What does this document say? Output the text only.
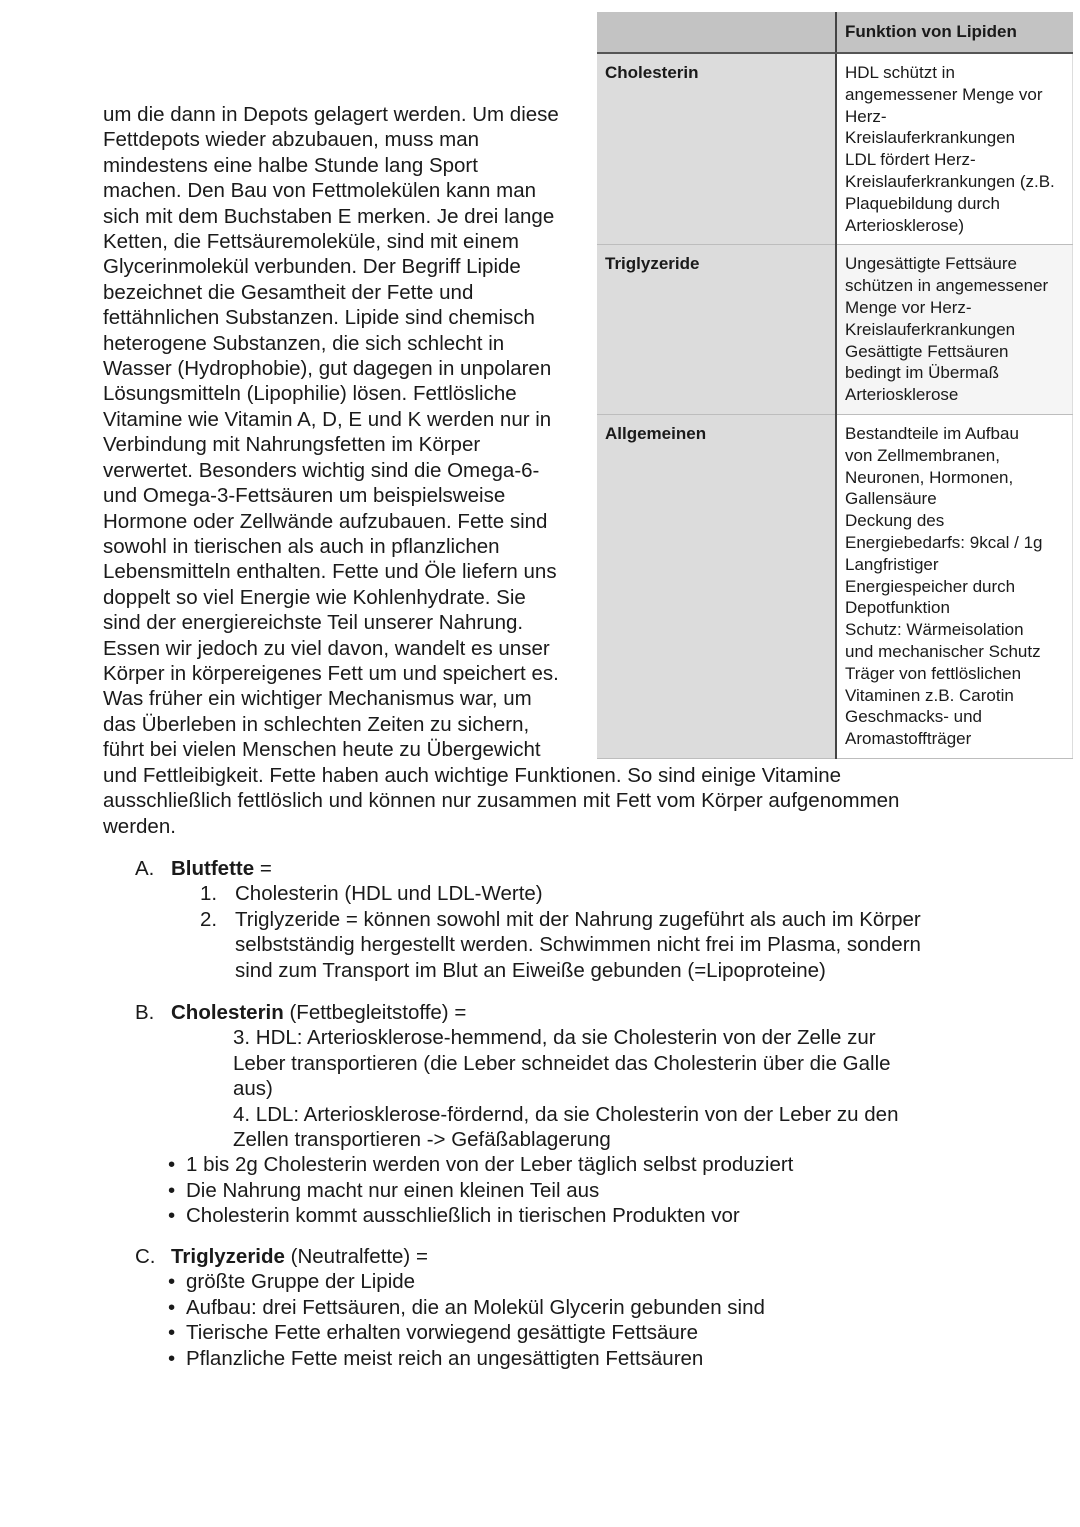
	Funktion von Lipiden
Cholesterin	HDL schützt in
angemessener Menge vor
Herz-
Kreislauferkrankungen
LDL fördert Herz-
Kreislauferkrankungen (z.B.
Plaquebildung durch
Arteriosklerose)

Triglyzeride	Ungesättigte Fettsäure
schützen in angemessener
Menge vor Herz-
Kreislauferkrankungen
Gesättigte Fettsäuren
bedingt im Übermaß
Arteriosklerose

Allgemeinen	Bestandteile im Aufbau
von Zellmembranen,
Neuronen, Hormonen,
Gallensäure
Deckung des
Energiebedarfs: 9kcal / 1g
Langfristiger
Energiespeicher durch
Depotfunktion
Schutz: Wärmeisolation
und mechanischer Schutz
Träger von fettlöslichen
Vitaminen z.B. Carotin
Geschmacks- und
Aromastoffträger
um die dann in Depots gelagert werden. Um diese
Fettdepots wieder abzubauen, muss man
mindestens eine halbe Stunde lang Sport
machen. Den Bau von Fettmolekülen kann man
sich mit dem Buchstaben E merken. Je drei lange
Ketten, die Fettsäuremoleküle, sind mit einem
Glycerinmolekül verbunden. Der Begriff Lipide
bezeichnet die Gesamtheit der Fette und
fettähnlichen Substanzen. Lipide sind chemisch
heterogene Substanzen, die sich schlecht in
Wasser (Hydrophobie), gut dagegen in unpolaren
Lösungsmitteln (Lipophilie) lösen. Fettlösliche
Vitamine wie Vitamin A, D, E und K werden nur in
Verbindung mit Nahrungsfetten im Körper
verwertet. Besonders wichtig sind die Omega-6-
und Omega-3-Fettsäuren um beispielsweise
Hormone oder Zellwände aufzubauen. Fette sind
sowohl in tierischen als auch in pflanzlichen
Lebensmitteln enthalten. Fette und Öle liefern uns
doppelt so viel Energie wie Kohlenhydrate. Sie
sind der energiereichste Teil unserer Nahrung.
Essen wir jedoch zu viel davon, wandelt es unser
Körper in körpereigenes Fett um und speichert es.
Was früher ein wichtiger Mechanismus war, um
das Überleben in schlechten Zeiten zu sichern,
führt bei vielen Menschen heute zu Übergewicht
und Fettleibigkeit. Fette haben auch wichtige Funktionen. So sind einige Vitamine
ausschließlich fettlöslich und können nur zusammen mit Fett vom Körper aufgenommen
werden.
A. Blutfette =
1. Cholesterin (HDL und LDL-Werte)
2. Triglyzeride = können sowohl mit der Nahrung zugeführt als auch im Körper
selbstständig hergestellt werden. Schwimmen nicht frei im Plasma, sondern
sind zum Transport im Blut an Eiweiße gebunden (=Lipoproteine)
B. Cholesterin (Fettbegleitstoffe) =
3. HDL: Arteriosklerose-hemmend, da sie Cholesterin von der Zelle zur
Leber transportieren (die Leber schneidet das Cholesterin über die Galle
aus)
4. LDL: Arteriosklerose-fördernd, da sie Cholesterin von der Leber zu den
Zellen transportieren -> Gefäßablagerung
• 1 bis 2g Cholesterin werden von der Leber täglich selbst produziert
• Die Nahrung macht nur einen kleinen Teil aus
• Cholesterin kommt ausschließlich in tierischen Produkten vor
C. Triglyzeride (Neutralfette) =
• größte Gruppe der Lipide
• Aufbau: drei Fettsäuren, die an Molekül Glycerin gebunden sind
• Tierische Fette erhalten vorwiegend gesättigte Fettsäure
• Pflanzliche Fette meist reich an ungesättigten Fettsäuren
